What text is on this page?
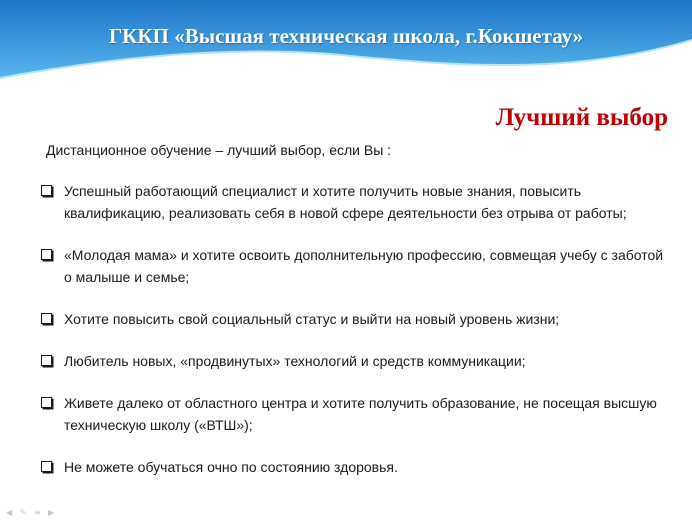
ГККП «Высшая техническая школа, г.Кокшетау»
Лучший выбор
Дистанционное обучение – лучший выбор, если Вы :
Успешный работающий специалист и хотите получить новые знания, повысить квалификацию, реализовать себя в новой сфере деятельности без отрыва от работы;
«Молодая мама» и хотите освоить дополнительную профессию, совмещая учебу с заботой о малыше и семье;
Хотите повысить свой социальный статус и выйти на новый уровень жизни;
Любитель новых, «продвинутых» технологий и средств коммуникации;
Живете далеко от областного центра и хотите получить образование, не посещая высшую техническую школу («ВТШ»);
Не можете обучаться очно по состоянию здоровья.
◀ ✎ ≡ ▶
